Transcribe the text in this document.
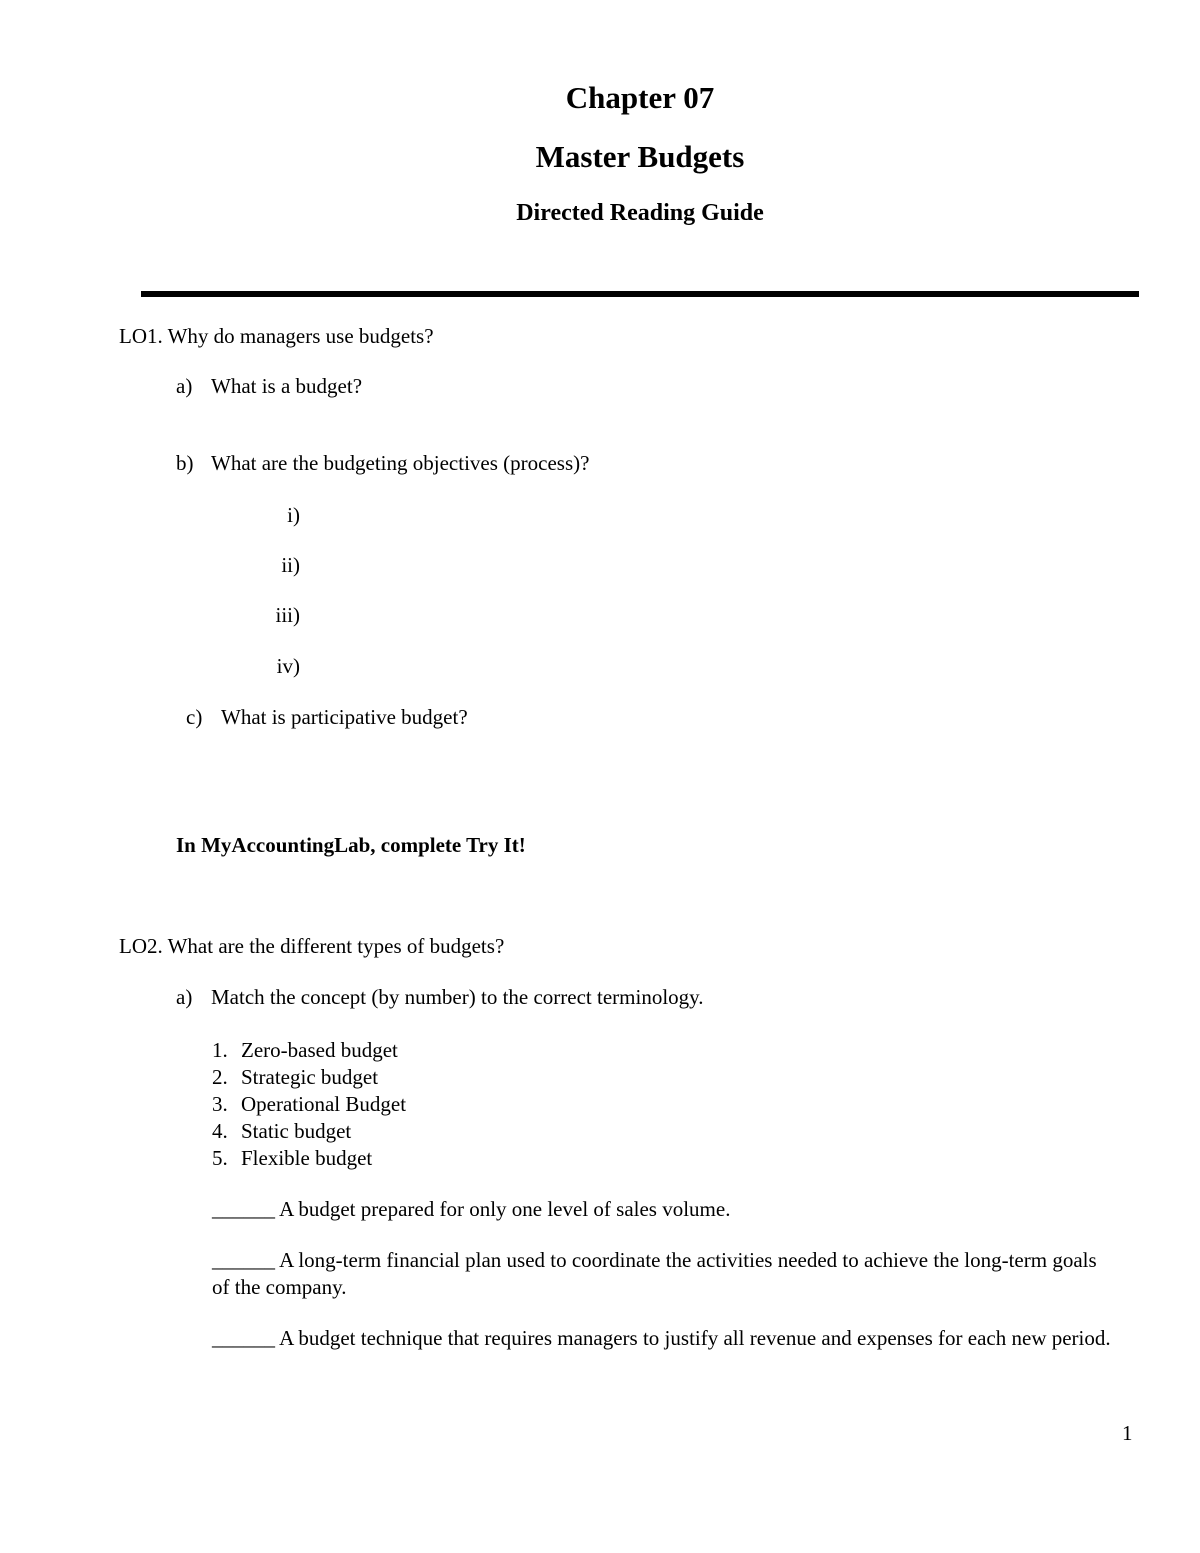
Chapter 07
Master Budgets
Directed Reading Guide
LO1. Why do managers use budgets?
a) What is a budget?
b) What are the budgeting objectives (process)?
i)
ii)
iii)
iv)
c) What is participative budget?
In MyAccountingLab, complete Try It!
LO2. What are the different types of budgets?
a) Match the concept (by number) to the correct terminology.
1. Zero-based budget
2. Strategic budget
3. Operational Budget
4. Static budget
5. Flexible budget
______ A budget prepared for only one level of sales volume.
______ A long-term financial plan used to coordinate the activities needed to achieve the long-term goals of the company.
______ A budget technique that requires managers to justify all revenue and expenses for each new period.
1
